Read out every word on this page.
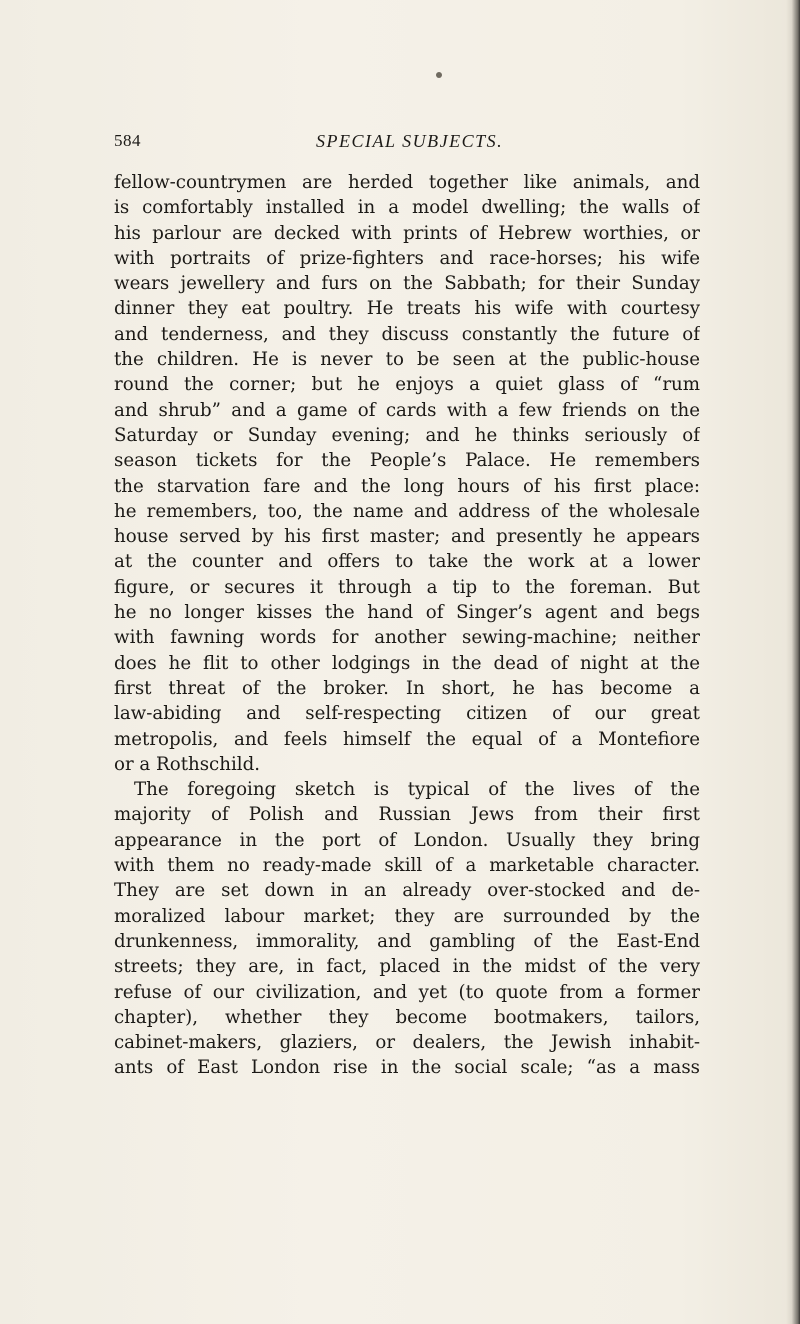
584	SPECIAL SUBJECTS.
fellow-countrymen are herded together like animals, and
is comfortably installed in a model dwelling; the walls of
his parlour are decked with prints of Hebrew worthies, or
with portraits of prize-fighters and race-horses; his wife
wears jewellery and furs on the Sabbath; for their Sunday
dinner they eat poultry. He treats his wife with courtesy
and tenderness, and they discuss constantly the future of
the children. He is never to be seen at the public-house
round the corner; but he enjoys a quiet glass of “rum
and shrub” and a game of cards with a few friends on the
Saturday or Sunday evening; and he thinks seriously of
season tickets for the People’s Palace. He remembers
the starvation fare and the long hours of his first place:
he remembers, too, the name and address of the wholesale
house served by his first master; and presently he appears
at the counter and offers to take the work at a lower
figure, or secures it through a tip to the foreman. But
he no longer kisses the hand of Singer’s agent and begs
with fawning words for another sewing-machine; neither
does he flit to other lodgings in the dead of night at the
first threat of the broker. In short, he has become a
law-abiding and self-respecting citizen of our great
metropolis, and feels himself the equal of a Montefiore
or a Rothschild.
The foregoing sketch is typical of the lives of the
majority of Polish and Russian Jews from their first
appearance in the port of London. Usually they bring
with them no ready-made skill of a marketable character.
They are set down in an already over-stocked and de-
moralized labour market; they are surrounded by the
drunkenness, immorality, and gambling of the East-End
streets; they are, in fact, placed in the midst of the very
refuse of our civilization, and yet (to quote from a former
chapter), whether they become bootmakers, tailors,
cabinet-makers, glaziers, or dealers, the Jewish inhabit-
ants of East London rise in the social scale; “as a mass
